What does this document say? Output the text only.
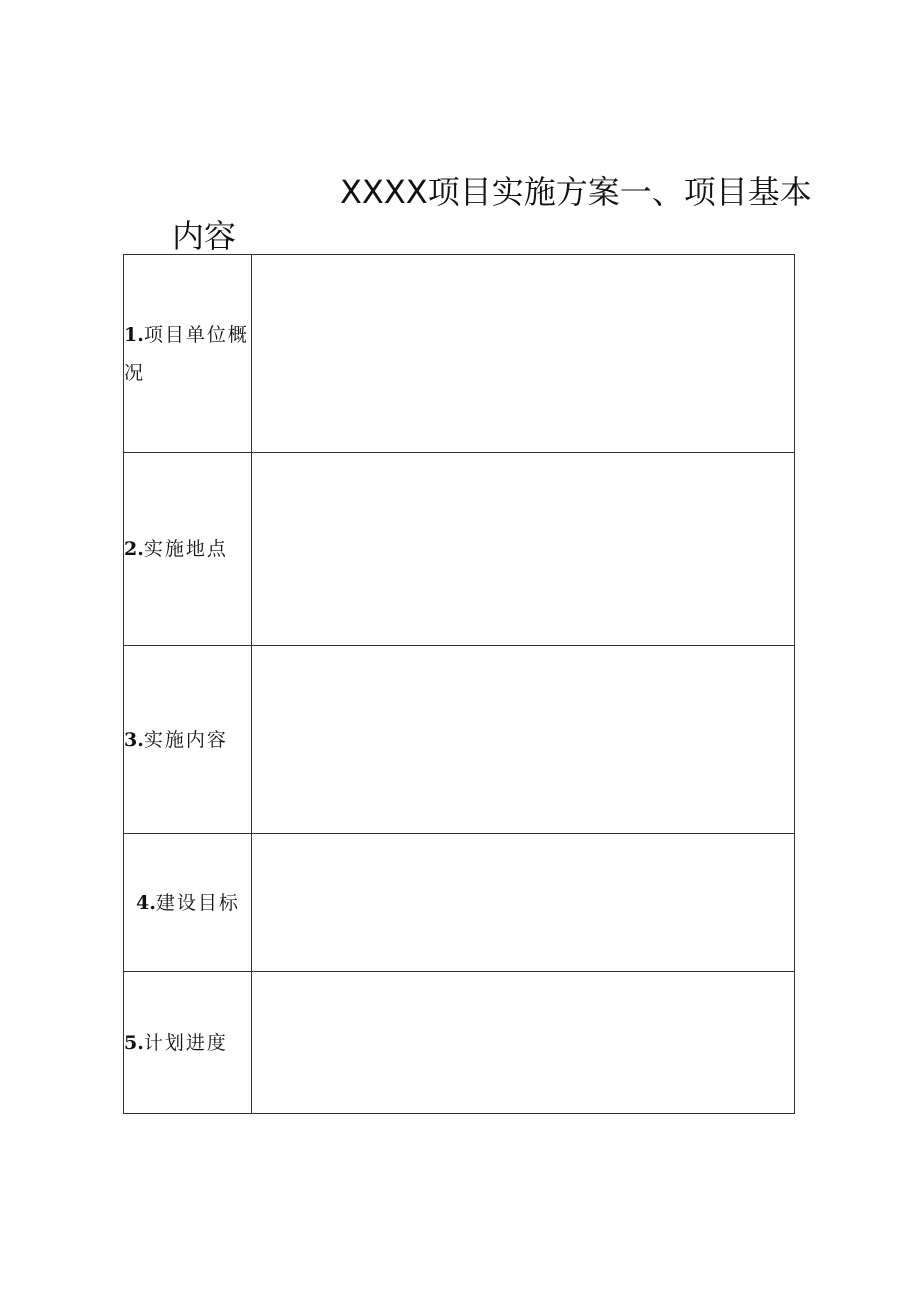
XXXX项目实施方案一、项目基本
内容
1.项目单位概况	
2.实施地点	
3.实施内容	
4.建设目标	
5.计划进度	
